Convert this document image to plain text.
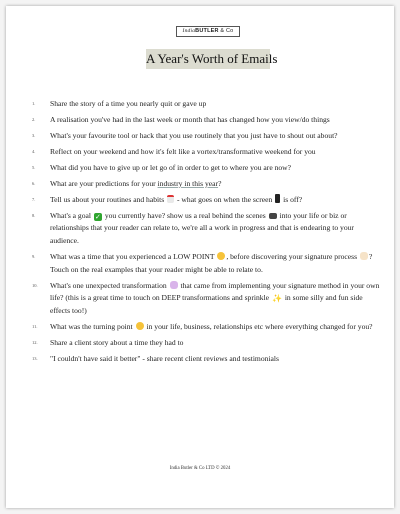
IndiaBUTLER & Co
A Year's Worth of Emails
1. Share the story of a time you nearly quit or gave up
2. A realisation you've had in the last week or month that has changed how you view/do things
3. What's your favourite tool or hack that you use routinely that you just have to shout out about?
4. Reflect on your weekend and how it's felt like a vortex/transformative weekend for you
5. What did you have to give up or let go of in order to get to where you are now?
6. What are your predictions for your industry in this year?
7. Tell us about your routines and habits  - what goes on when the screen  is off?
8. What's a goal ✓ you currently have? show us a real behind the scenes  into your life or biz or relationships that your reader can relate to, we're all a work in progress and that is endearing to your audience.
9. What was a time that you experienced a LOW POINT , before discovering your signature process ? Touch on the real examples that your reader might be able to relate to.
10. What's one unexpected transformation  that came from implementing your signature method in your own life? (this is a great time to touch on DEEP transformations and sprinkle ✨ in some silly and fun side effects too!)
11. What was the turning point  in your life, business, relationships etc where everything changed for you?
12. Share a client story about a time they had to
13. "I couldn't have said it better" - share recent client reviews and testimonials
India Butler & Co LTD © 2024
